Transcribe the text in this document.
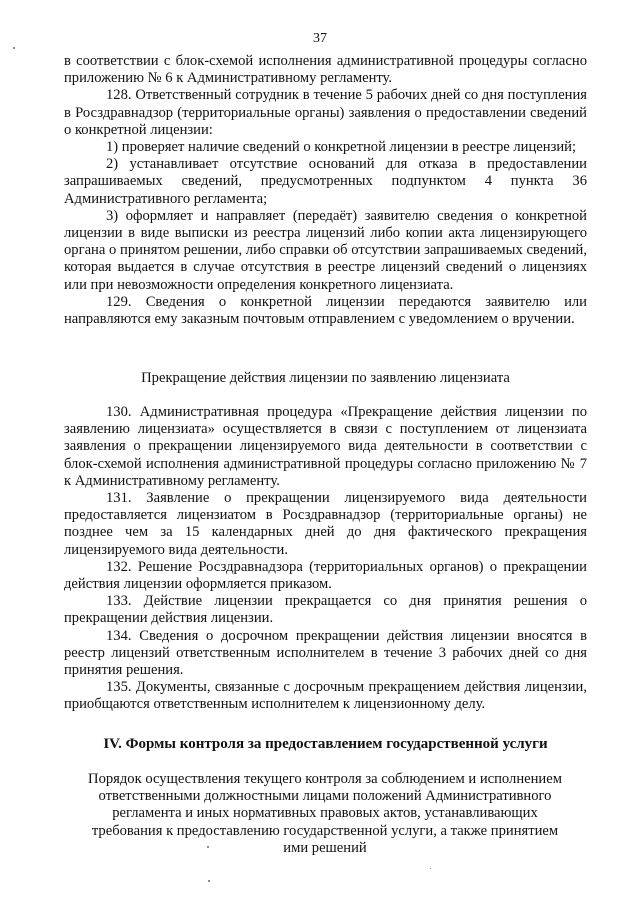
37

в соответствии с блок-схемой исполнения административной процедуры согласно приложению № 6 к Административному регламенту.

128. Ответственный сотрудник в течение 5 рабочих дней со дня поступления в Росздравнадзор (территориальные органы) заявления о предоставлении сведений о конкретной лицензии:

1) проверяет наличие сведений о конкретной лицензии в реестре лицензий;

2) устанавливает отсутствие оснований для отказа в предоставлении запрашиваемых сведений, предусмотренных подпунктом 4 пункта 36 Административного регламента;

3) оформляет и направляет (передаёт) заявителю сведения о конкретной лицензии в виде выписки из реестра лицензий либо копии акта лицензирующего органа о принятом решении, либо справки об отсутствии запрашиваемых сведений, которая выдается в случае отсутствия в реестре лицензий сведений о лицензиях или при невозможности определения конкретного лицензиата.

129. Сведения о конкретной лицензии передаются заявителю или направляются ему заказным почтовым отправлением с уведомлением о вручении.

Прекращение действия лицензии по заявлению лицензиата

130. Административная процедура «Прекращение действия лицензии по заявлению лицензиата» осуществляется в связи с поступлением от лицензиата заявления о прекращении лицензируемого вида деятельности в соответствии с блок-схемой исполнения административной процедуры согласно приложению № 7 к Административному регламенту.

131. Заявление о прекращении лицензируемого вида деятельности предоставляется лицензиатом в Росздравнадзор (территориальные органы) не позднее чем за 15 календарных дней до дня фактического прекращения лицензируемого вида деятельности.

132. Решение Росздравнадзора (территориальных органов) о прекращении действия лицензии оформляется приказом.

133. Действие лицензии прекращается со дня принятия решения о прекращении действия лицензии.

134. Сведения о досрочном прекращении действия лицензии вносятся в реестр лицензий ответственным исполнителем в течение 3 рабочих дней со дня принятия решения.

135. Документы, связанные с досрочным прекращением действия лицензии, приобщаются ответственным исполнителем к лицензионному делу.

IV. Формы контроля за предоставлением государственной услуги

Порядок осуществления текущего контроля за соблюдением и исполнением ответственными должностными лицами положений Административного регламента и иных нормативных правовых актов, устанавливающих требования к предоставлению государственной услуги, а также принятием ими решений
